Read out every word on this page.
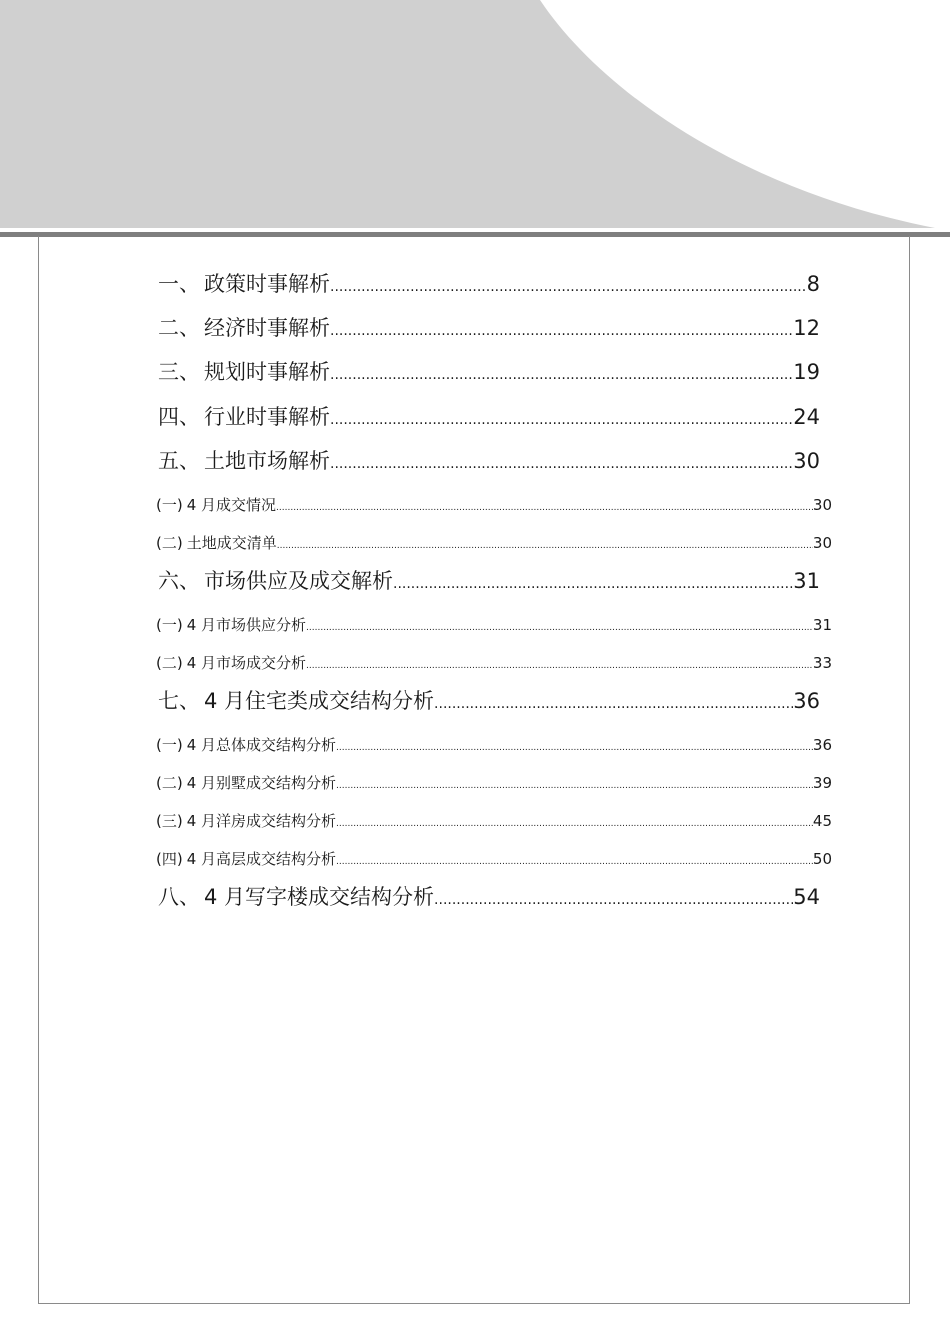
一、 政策时事解析 .....	8
二、 经济时事解析 .....	12
三、 规划时事解析 .....	19
四、 行业时事解析 .....	24
五、 土地市场解析 .....	30
(一) 4 月成交情况 .....	30
(二) 土地成交清单 .....	30
六、 市场供应及成交解析 .....	31
(一) 4 月市场供应分析 .....	31
(二) 4 月市场成交分析 .....	33
七、 4 月住宅类成交结构分析 .....	36
(一) 4 月总体成交结构分析 .....	36
(二) 4 月别墅成交结构分析 .....	39
(三) 4 月洋房成交结构分析 .....	45
(四) 4 月高层成交结构分析 .....	50
八、 4 月写字楼成交结构分析 .....	54
